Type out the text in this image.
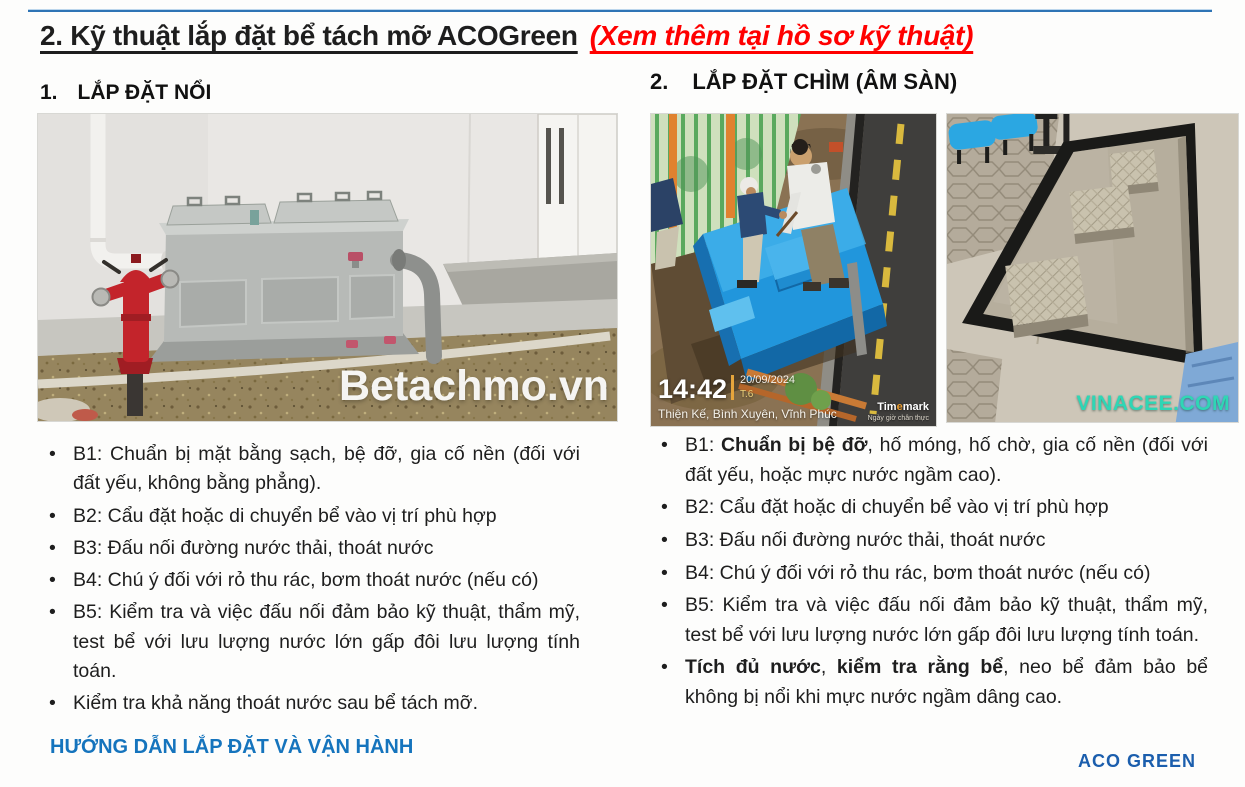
2. Kỹ thuật lắp đặt bể tách mỡ ACOGreen (Xem thêm tại hồ sơ kỹ thuật)
1. LẮP ĐẶT NỔI	2. LẮP ĐẶT CHÌM (ÂM SÀN)
Betachmo.vn 14:42 20/09/2024
T.6
Thiện Kế, Bình Xuyên, Vĩnh Phúc	Timemark
Ngày giờ chân thực
VINACEE.COM
• B1: Chuẩn bị mặt bằng sạch, bệ đỡ, gia cố nền (đối với đất yếu, không bằng phẳng).
• B2: Cẩu đặt hoặc di chuyển bể vào vị trí phù hợp
• B3: Đấu nối đường nước thải, thoát nước
• B4: Chú ý đối với rỏ thu rác, bơm thoát nước (nếu có)
• B5: Kiểm tra và việc đấu nối đảm bảo kỹ thuật, thẩm mỹ, test bể với lưu lượng nước lớn gấp đôi lưu lượng tính toán.
• Kiểm tra khả năng thoát nước sau bể tách mỡ.
• B1: Chuẩn bị bệ đỡ, hố móng, hố chờ, gia cố nền (đối với đất yếu, hoặc mực nước ngầm cao).
• B2: Cẩu đặt hoặc di chuyển bể vào vị trí phù hợp
• B3: Đấu nối đường nước thải, thoát nước
• B4: Chú ý đối với rỏ thu rác, bơm thoát nước (nếu có)
• B5: Kiểm tra và việc đấu nối đảm bảo kỹ thuật, thẩm mỹ, test bể với lưu lượng nước lớn gấp đôi lưu lượng tính toán.
• Tích đủ nước, kiểm tra rằng bể, neo bể đảm bảo bể không bị nổi khi mực nước ngầm dâng cao.
HƯỚNG DẪN LẮP ĐẶT VÀ VẬN HÀNH
ACO GREEN
